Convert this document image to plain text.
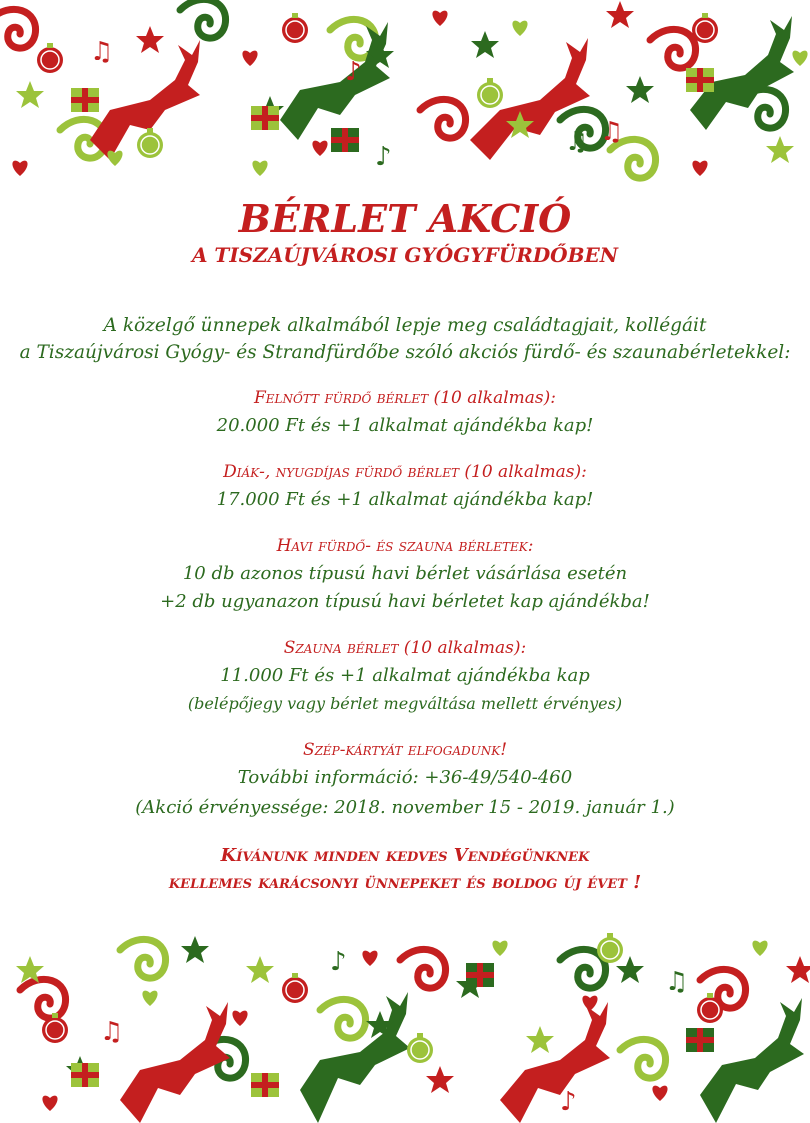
♫
♪
♫
♪	♫
BÉRLET AKCIÓ
A TISZAÚJVÁROSI GYÓGYFÜRDŐBEN
A közelgő ünnepek alkalmából lepje meg családtagjait, kollégáit
a Tiszaújvárosi Gyógy- és Strandfürdőbe szóló akciós fürdő- és szaunabérletekkel:
Felnőtt fürdő bérlet (10 alkalmas):
20.000 Ft és +1 alkalmat ajándékba kap!
Diák-, nyugdíjas fürdő bérlet (10 alkalmas):
17.000 Ft és +1 alkalmat ajándékba kap!
Havi fürdő- és szauna bérletek:
10 db azonos típusú havi bérlet vásárlása esetén
+2 db ugyanazon típusú havi bérletet kap ajándékba!
Szauna bérlet (10 alkalmas):
11.000 Ft és +1 alkalmat ajándékba kap
(belépőjegy vagy bérlet megváltása mellett érvényes)
Szép-kártyát elfogadunk!
További információ: +36-49/540-460
(Akció érvényessége: 2018. november 15 - 2019. január 1.)
Kívánunk minden kedves Vendégünknek
kellemes karácsonyi ünnepeket és boldog új évet !
♫
♪
♪
♫
